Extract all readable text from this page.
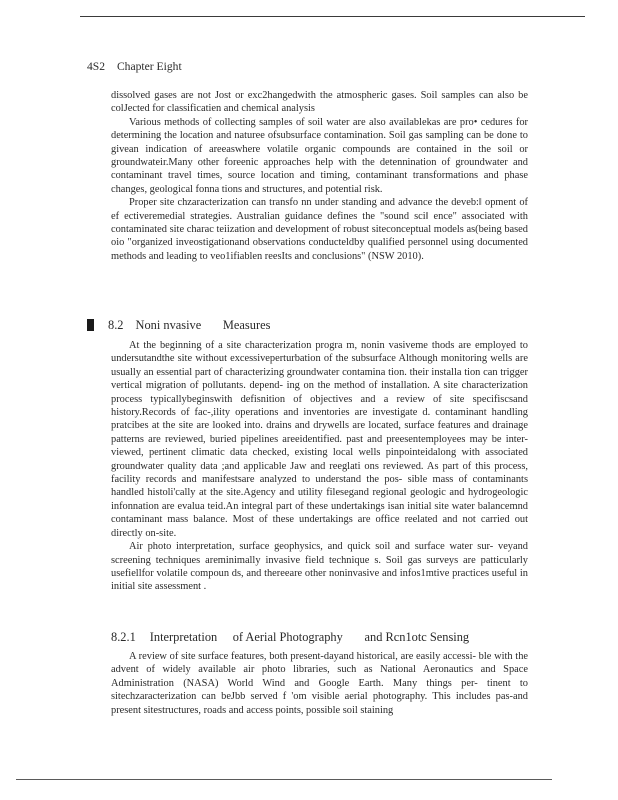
4S2 Chapter Eight

dissolved gases are not Jost or exc2hangedwith the atmospheric gases. Soil samples can also be colJected for classificatien and chemical analysis

Various methods of collecting samples of soil water are also availablekas are pro• cedures for determining the location and naturee ofsubsurface contamination. Soil gas sampling can be done to givean indication of areeaswhere volatile organic compounds are contained in the soil or groundwateir.Many other foreenic approaches help with the detennination of groundwater and contaminant travel times, source location and timing, contaminant transformations and phase changes, geological fonna tions and structures, and potential risk.

Proper site chzaracterization can transfo nn under standing and advance the deveb:ǁ opment of ef ectiveremedial strategies. Australian guidance defines the "sound sciǁ ence" associated with contaminated site charac teiization and development of robust siteconceptual models as(being based oio "organized inveostigationand observations conducteldby qualified personnel using documented methods and leading to veo1ifiablen reesIts and conclusions" (NSW 2010).

8.2 Noni nvasive       Measures

At the beginning of a site characterization progra m, nonin vasiveme thods are employed to undersutandthe site without excessiveperturbation of the subsurface Although monitoring wells are usually an essential part of characterizing groundwater contamina tion. their installa tion can trigger vertical migration of pollutants. depend- ing on the method of installation. A site characterization process typicallybeginswith defisnition of objectives and a review of site specifiscsand history.Records of fac-,ility operations and inventories are investigate d. contaminant handling pratcibes at the site are looked into. drains and drywells are located, surface features and drainage patterns are reviewed, buried pipelines areeidentified. past and preesentemployees may be inter- viewed, pertinent climatic data checked, existing local wells pinpointeidalong with associated groundwater quality data ;and applicable Jaw and reeglati ons reviewed. As part of this process, facility records and manifestsare analyzed to understand the pos- sible mass of contaminants handled histoli'cally at the site.Agency and utility filesegand regional geologic and hydrogeologic infonnation are evalua teid.An integral part of these undertakings isan initial site water balancemnd contaminant mass balance. Most of these undertakings are office reelated and not carried out directly on-site.

Air photo interpretation, surface geophysics, and quick soil and surface water sur- veyand screening techniques areminimally invasive field technique s. Soil gas surveys are patticularly usefiellfor volatile compoun ds, and thereeare other noninvasive and infos1mtive practices useful in initial site assessment .

8.2.1 Interpretation     of Aerial Photography       and Rcn1otc Sensing

A review of site surface features, both present-dayand historical, are easily accessi- ble with the advent of widely available air photo libraries, such as National Aeronautics and Space Administration (NASA) World Wind and Google Earth. Many things per- tinent to sitechzaracterization can beJbb served f 'om visible aerial photography. This includes pas-and present sitestructures, roads and access points, possible soil staining
